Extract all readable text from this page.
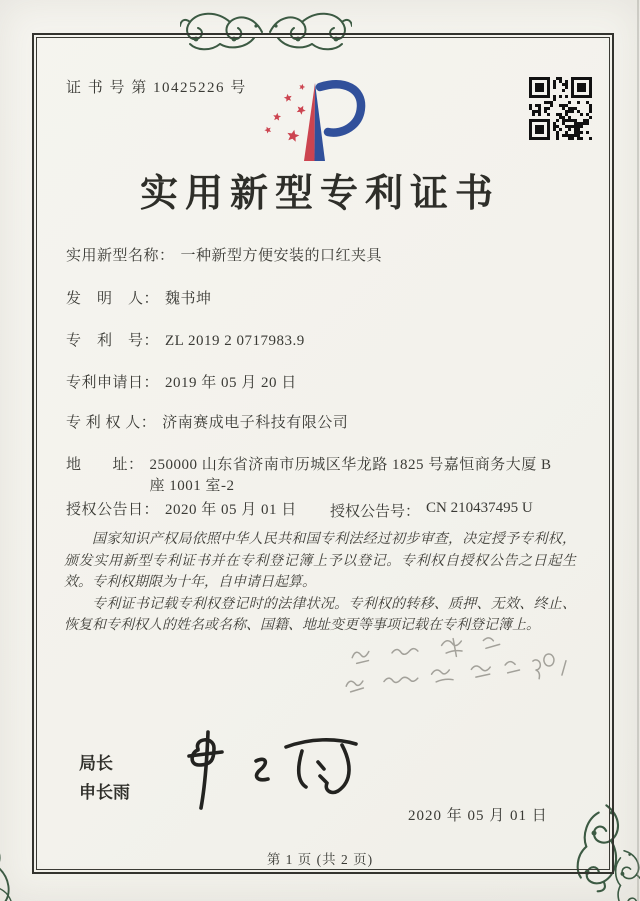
证 书 号 第 10425226 号
实用新型专利证书
实用新型名称： 一种新型方便安装的口红夹具
发　明　人： 魏书坤
专　利　号： ZL 2019 2 0717983.9
专利申请日： 2019 年 05 月 20 日
专 利 权 人： 济南赛成电子科技有限公司
地　　址： 250000 山东省济南市历城区华龙路 1825 号嘉恒商务大厦 B 座 1001 室-2
授权公告日： 2020 年 05 月 01 日 授权公告号： CN 210437495 U

国家知识产权局依照中华人民共和国专利法经过初步审查，决定授予专利权，颁发实用新型专利证书并在专利登记簿上予以登记。专利权自授权公告之日起生效。专利权期限为十年，自申请日起算。

专利证书记载专利权登记时的法律状况。专利权的转移、质押、无效、终止、恢复和专利权人的姓名或名称、国籍、地址变更等事项记载在专利登记簿上。

局长
申长雨
2020 年 05 月 01 日
第 1 页 (共 2 页)
